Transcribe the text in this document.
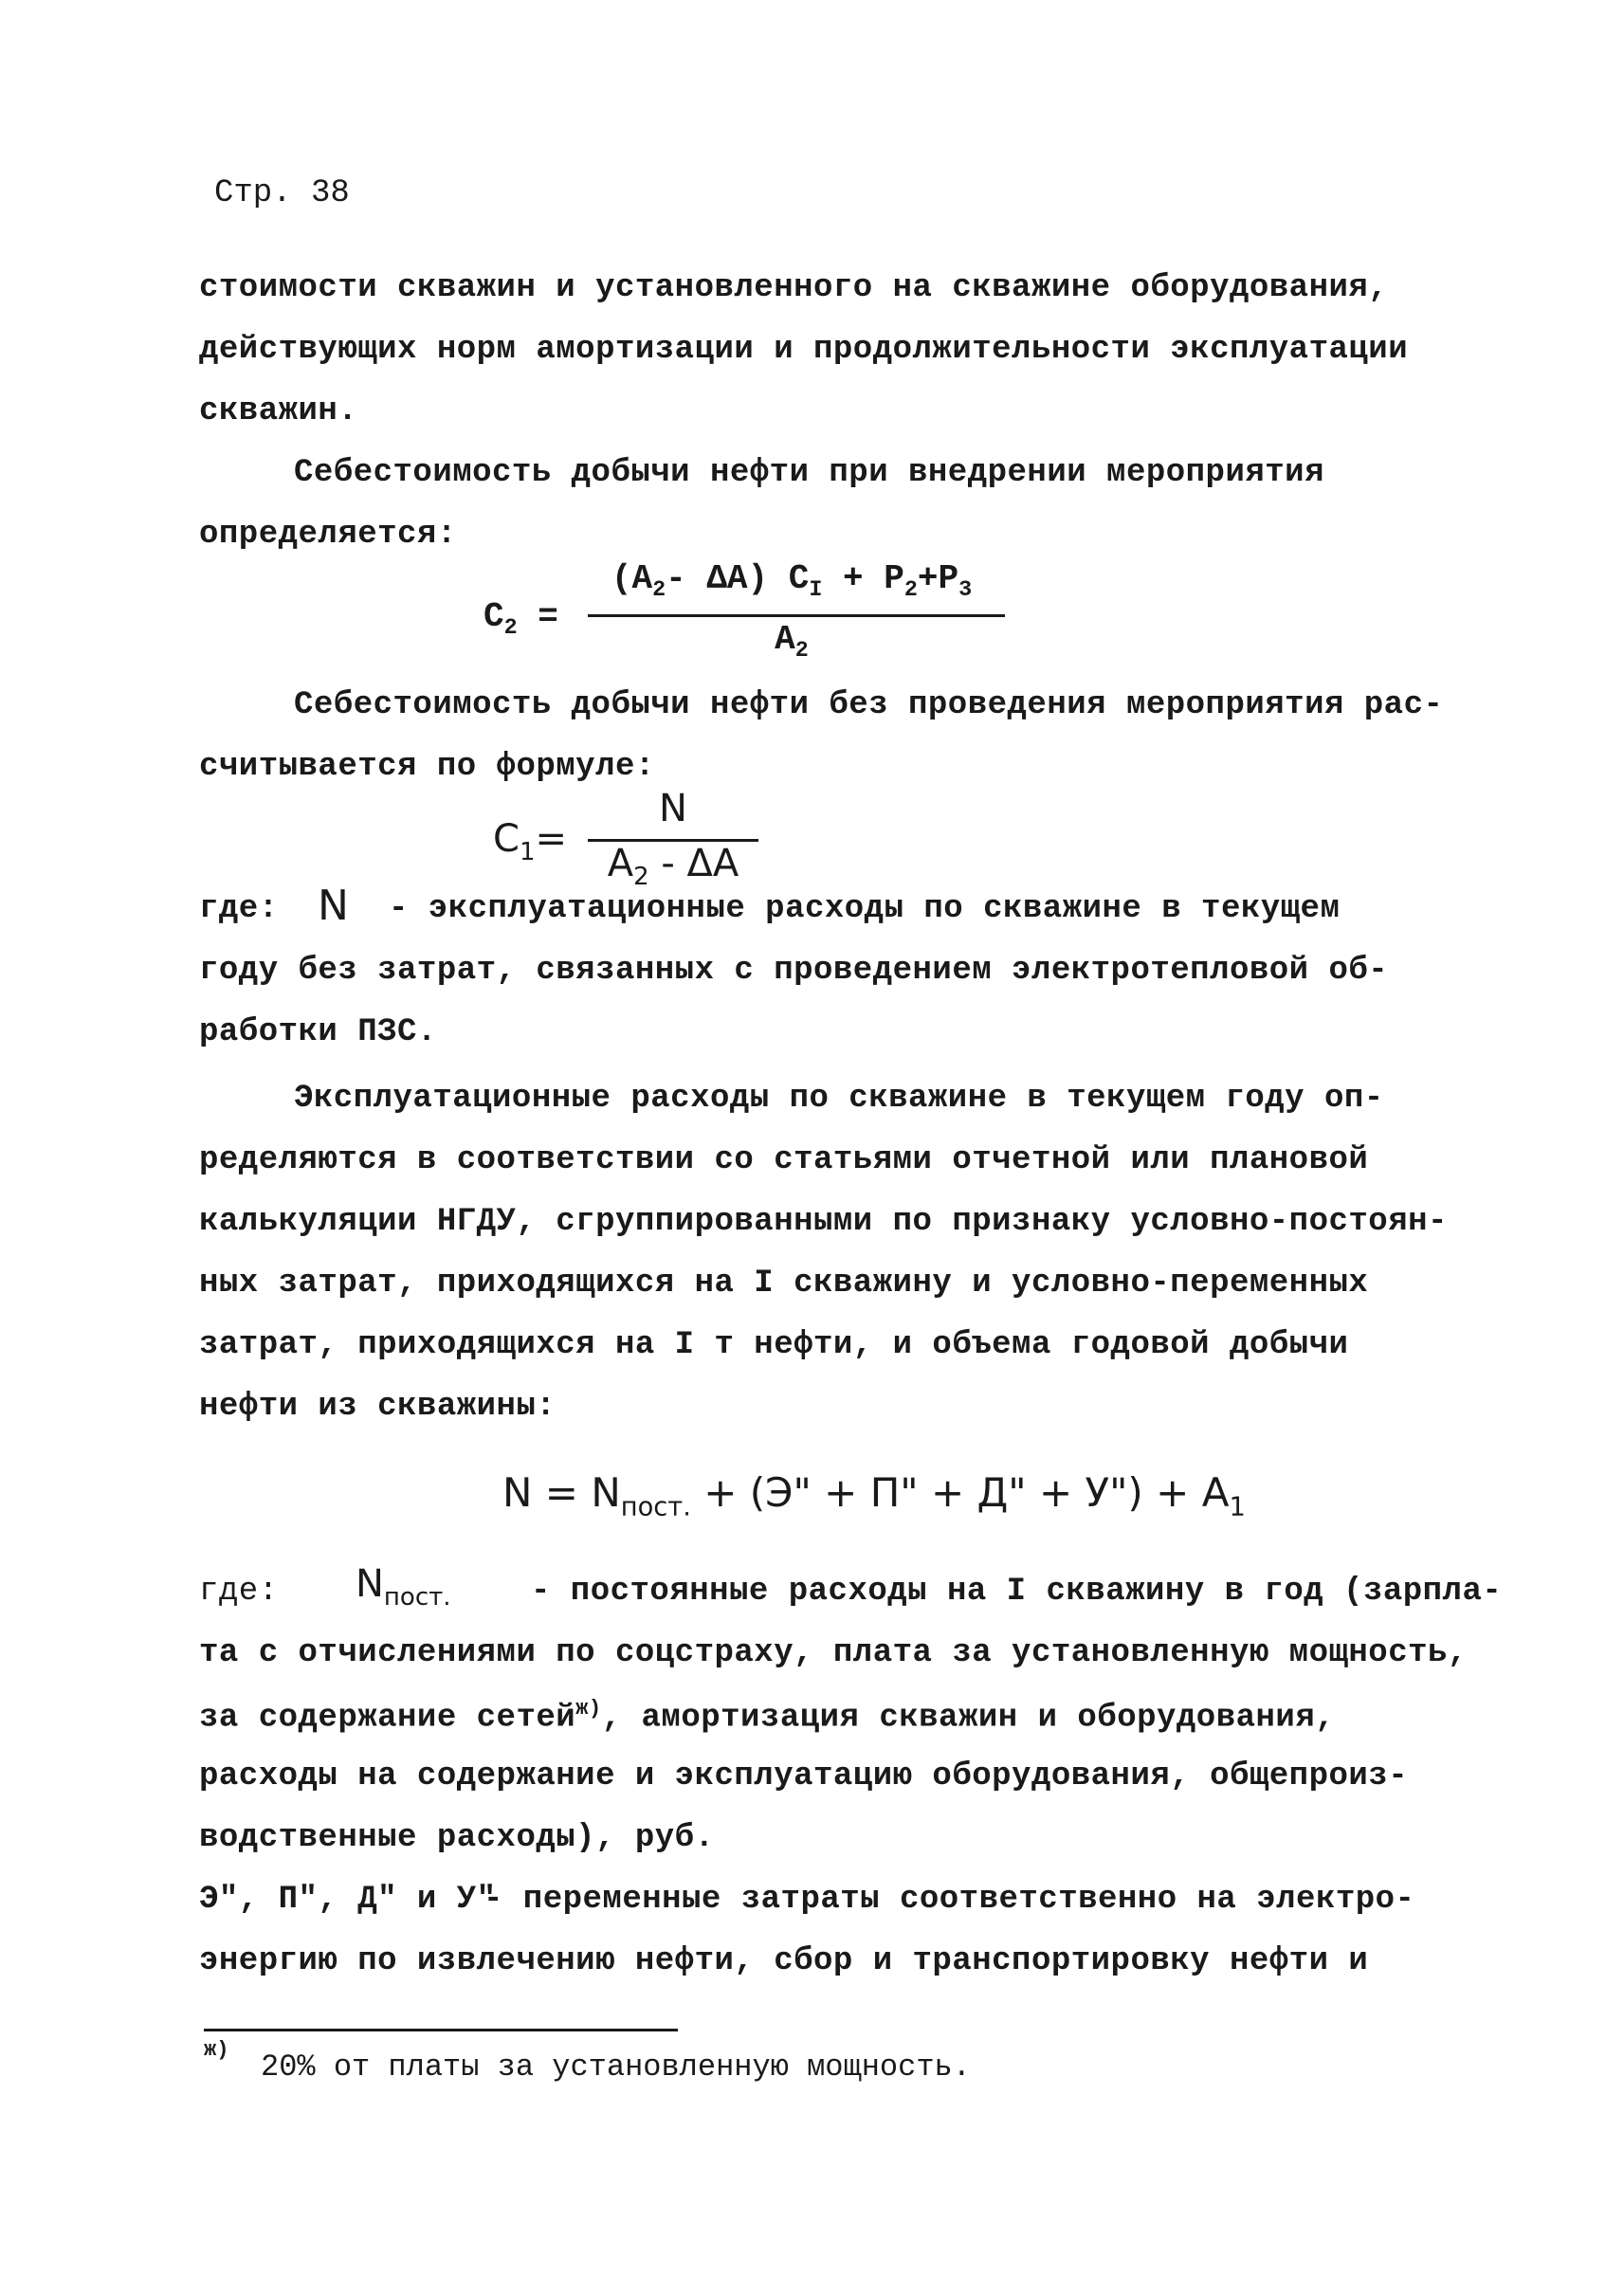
Стр. 38
стоимости скважин и установленного на скважине оборудования,
действующих норм амортизации и продолжительности эксплуатации
скважин.
Себестоимость добычи нефти при внедрении мероприятия
определяется:
$C_2$ =
($A_2-$ ΔA) $C_I + P_2+P_3$
$A_2$
Себестоимость добычи нефти без проведения мероприятия рас-
считывается по формуле:
$C_1=$
N
$A_2$ - ΔA
где: N - эксплуатационные расходы по скважине в текущем
году без затрат, связанных с проведением электротепловой об-
работки ПЗС.
Эксплуатационные расходы по скважине в текущем году оп-
ределяются в соответствии со статьями отчетной или плановой
калькуляции НГДУ, сгруппированными по признаку условно-постоян-
ных затрат, приходящихся на I скважину и условно-переменных
затрат, приходящихся на I т нефти, и объема годовой добычи
нефти из скважины:
$N = N_{пост.} + (Э$" + П" + Д" + У") + $А_1$
где: $N_{пост.}$ - постоянные расходы на I скважину в год (зарпла-
та с отчислениями по соцстраху, плата за установленную мощность,
за содержание сетей$^{ж)}$, амортизация скважин и оборудования,
расходы на содержание и эксплуатацию оборудования, общепроиз-
водственные расходы), руб.
Э", П", Д" и У"
- переменные затраты соответственно на электро-
энергию по извлечению нефти, сбор и транспортировку нефти и
ж) 20% от платы за установленную мощность.
